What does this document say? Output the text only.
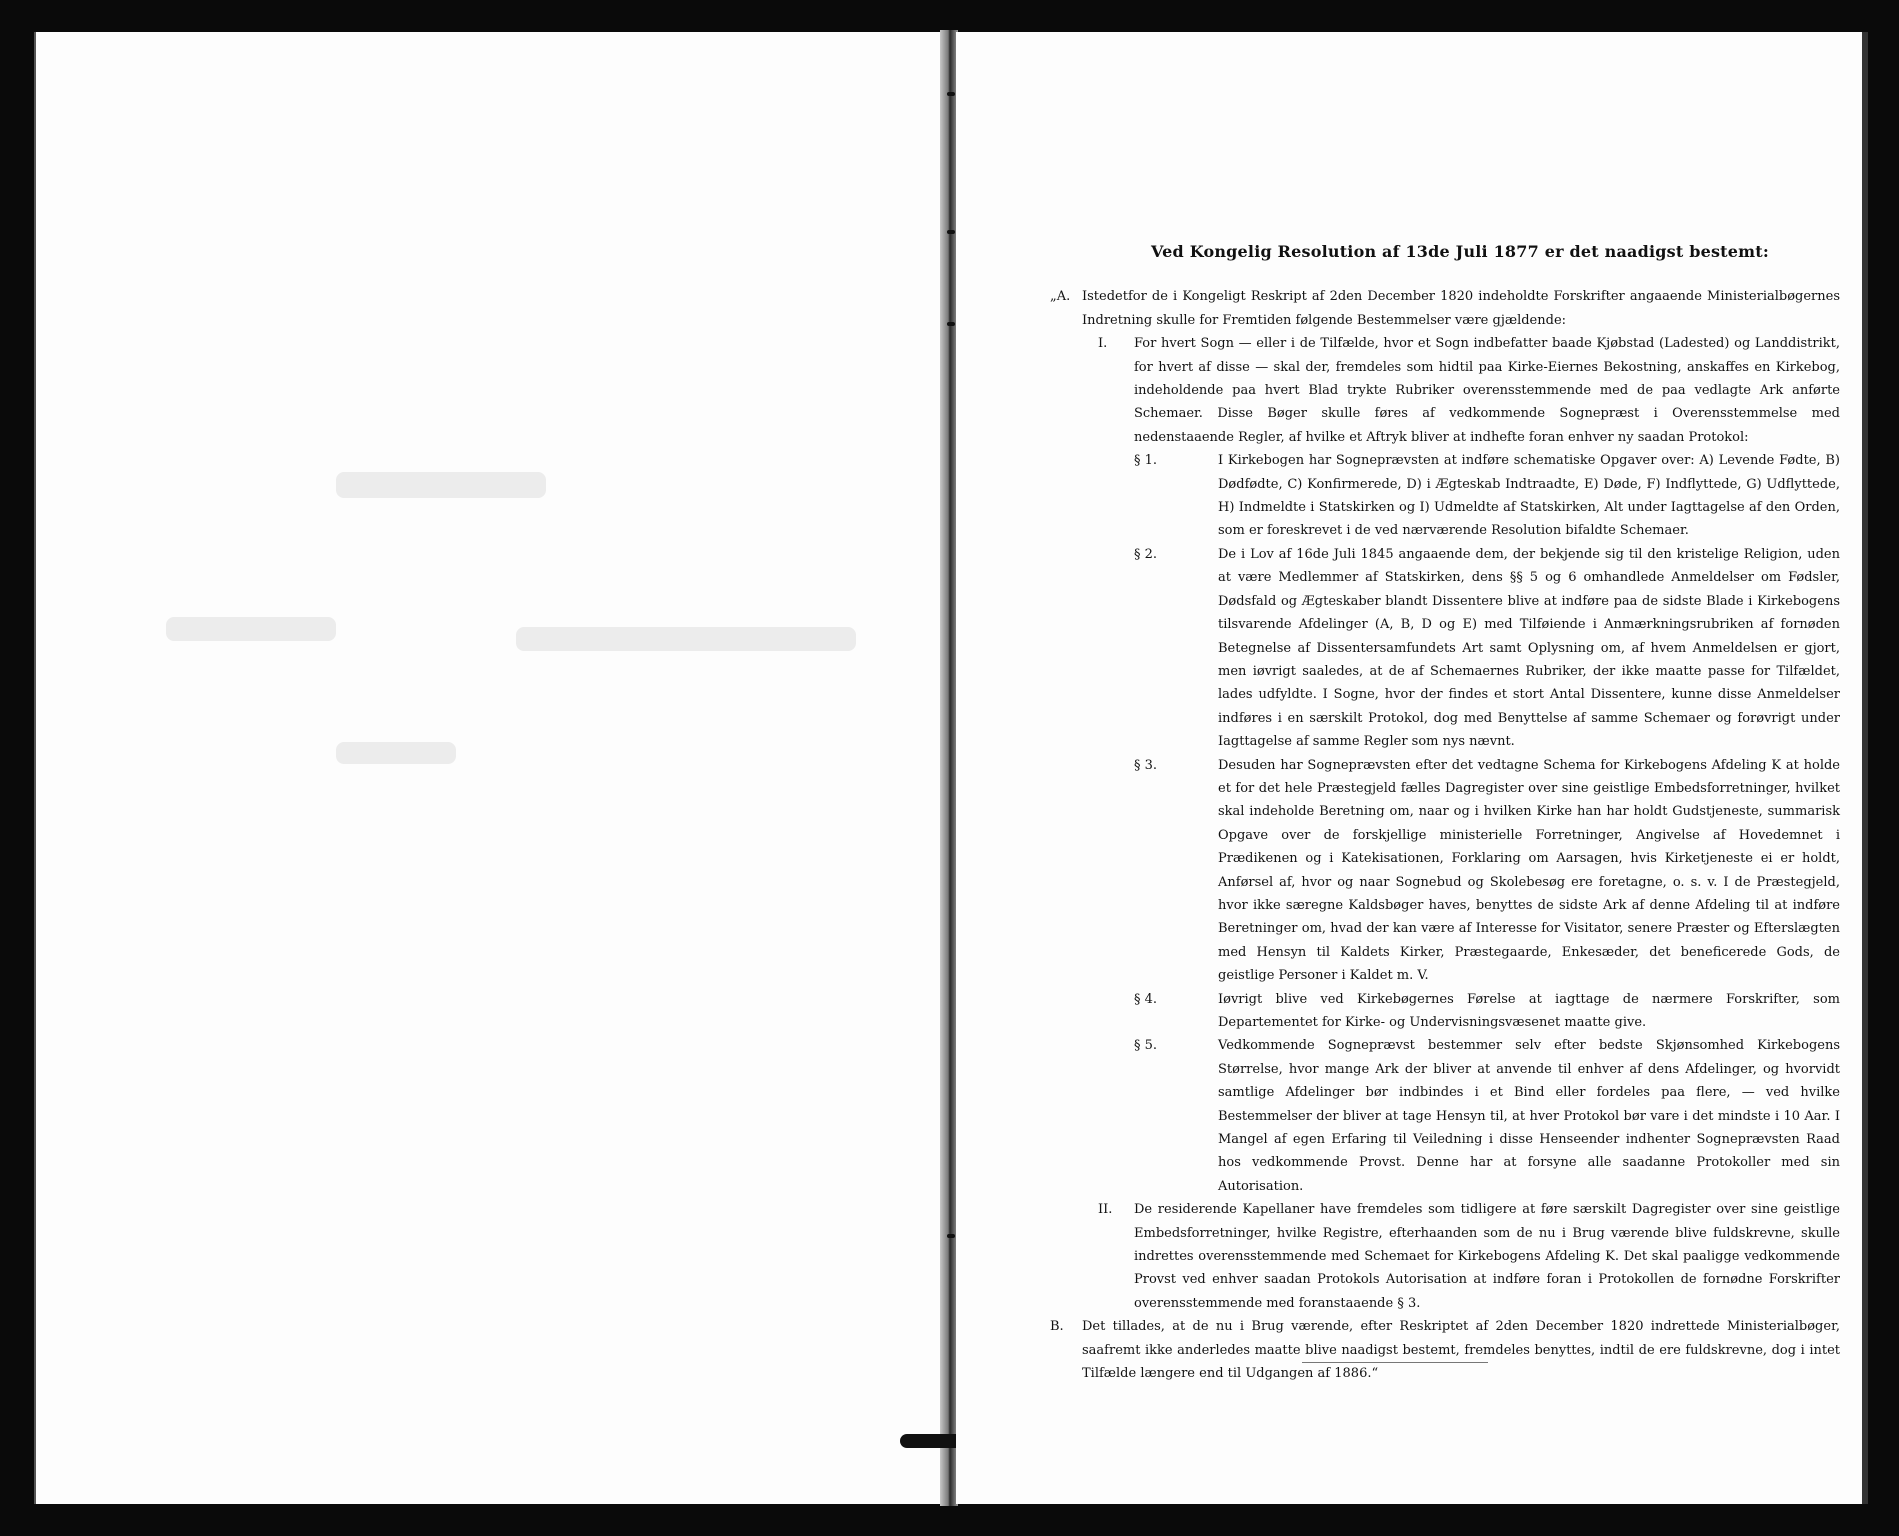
Ved Kongelig Resolution af 13de Juli 1877 er det naadigst bestemt:
„A. Istedetfor de i Kongeligt Reskript af 2den December 1820 indeholdte Forskrifter angaaende Ministerialbøgernes Indretning skulle for Fremtiden følgende Bestemmelser være gjældende:
I. For hvert Sogn — eller i de Tilfælde, hvor et Sogn indbefatter baade Kjøbstad (Ladested) og Landdistrikt, for hvert af disse — skal der, fremdeles som hidtil paa Kirke-Eiernes Bekostning, anskaffes en Kirkebog, indeholdende paa hvert Blad trykte Rubriker overensstemmende med de paa vedlagte Ark anførte Schemaer. Disse Bøger skulle føres af vedkommende Sognepræst i Overensstemmelse med nedenstaaende Regler, af hvilke et Aftryk bliver at indhefte foran enhver ny saadan Protokol:
§ 1.	I Kirkebogen har Sogneprævsten at indføre schematiske Opgaver over: A) Levende Fødte, B) Dødfødte, C) Konfirmerede, D) i Ægteskab Indtraadte, E) Døde, F) Indflyttede, G) Udflyttede, H) Indmeldte i Statskirken og I) Udmeldte af Statskirken, Alt under Iagttagelse af den Orden, som er foreskrevet i de ved nærværende Resolution bifaldte Schemaer.
§ 2.	De i Lov af 16de Juli 1845 angaaende dem, der bekjende sig til den kristelige Religion, uden at være Medlemmer af Statskirken, dens §§ 5 og 6 omhandlede Anmeldelser om Fødsler, Dødsfald og Ægteskaber blandt Dissentere blive at indføre paa de sidste Blade i Kirkebogens tilsvarende Afdelinger (A, B, D og E) med Tilføiende i Anmærkningsrubriken af fornøden Betegnelse af Dissentersamfundets Art samt Oplysning om, af hvem Anmeldelsen er gjort, men iøvrigt saaledes, at de af Schemaernes Rubriker, der ikke maatte passe for Tilfældet, lades udfyldte. I Sogne, hvor der findes et stort Antal Dissentere, kunne disse Anmeldelser indføres i en særskilt Protokol, dog med Benyttelse af samme Schemaer og forøvrigt under Iagttagelse af samme Regler som nys nævnt.
§ 3.	Desuden har Sogneprævsten efter det vedtagne Schema for Kirkebogens Afdeling K at holde et for det hele Præstegjeld fælles Dagregister over sine geistlige Embedsforretninger, hvilket skal indeholde Beretning om, naar og i hvilken Kirke han har holdt Gudstjeneste, summarisk Opgave over de forskjellige ministerielle Forretninger, Angivelse af Hovedemnet i Prædikenen og i Katekisationen, Forklaring om Aarsagen, hvis Kirketjeneste ei er holdt, Anførsel af, hvor og naar Sognebud og Skolebesøg ere foretagne, o. s. v. I de Præstegjeld, hvor ikke særegne Kaldsbøger haves, benyttes de sidste Ark af denne Afdeling til at indføre Beretninger om, hvad der kan være af Interesse for Visitator, senere Præster og Efterslægten med Hensyn til Kaldets Kirker, Præstegaarde, Enkesæder, det beneficerede Gods, de geistlige Personer i Kaldet m. V.
§ 4.	Iøvrigt blive ved Kirkebøgernes Førelse at iagttage de nærmere Forskrifter, som Departementet for Kirke- og Undervisningsvæsenet maatte give.
§ 5.	Vedkommende Sogneprævst bestemmer selv efter bedste Skjønsomhed Kirkebogens Størrelse, hvor mange Ark der bliver at anvende til enhver af dens Afdelinger, og hvorvidt samtlige Afdelinger bør indbindes i et Bind eller fordeles paa flere, — ved hvilke Bestemmelser der bliver at tage Hensyn til, at hver Protokol bør vare i det mindste i 10 Aar. I Mangel af egen Erfaring til Veiledning i disse Henseender indhenter Sogneprævsten Raad hos vedkommende Provst. Denne har at forsyne alle saadanne Protokoller med sin Autorisation.
II. De residerende Kapellaner have fremdeles som tidligere at føre særskilt Dagregister over sine geistlige Embedsforretninger, hvilke Registre, efterhaanden som de nu i Brug værende blive fuldskrevne, skulle indrettes overensstemmende med Schemaet for Kirkebogens Afdeling K. Det skal paaligge vedkommende Provst ved enhver saadan Protokols Autorisation at indføre foran i Protokollen de fornødne Forskrifter overensstemmende med foranstaaende § 3.
B. Det tillades, at de nu i Brug værende, efter Reskriptet af 2den December 1820 indrettede Ministerialbøger, saafremt ikke anderledes maatte blive naadigst bestemt, fremdeles benyttes, indtil de ere fuldskrevne, dog i intet Tilfælde længere end til Udgangen af 1886.“
